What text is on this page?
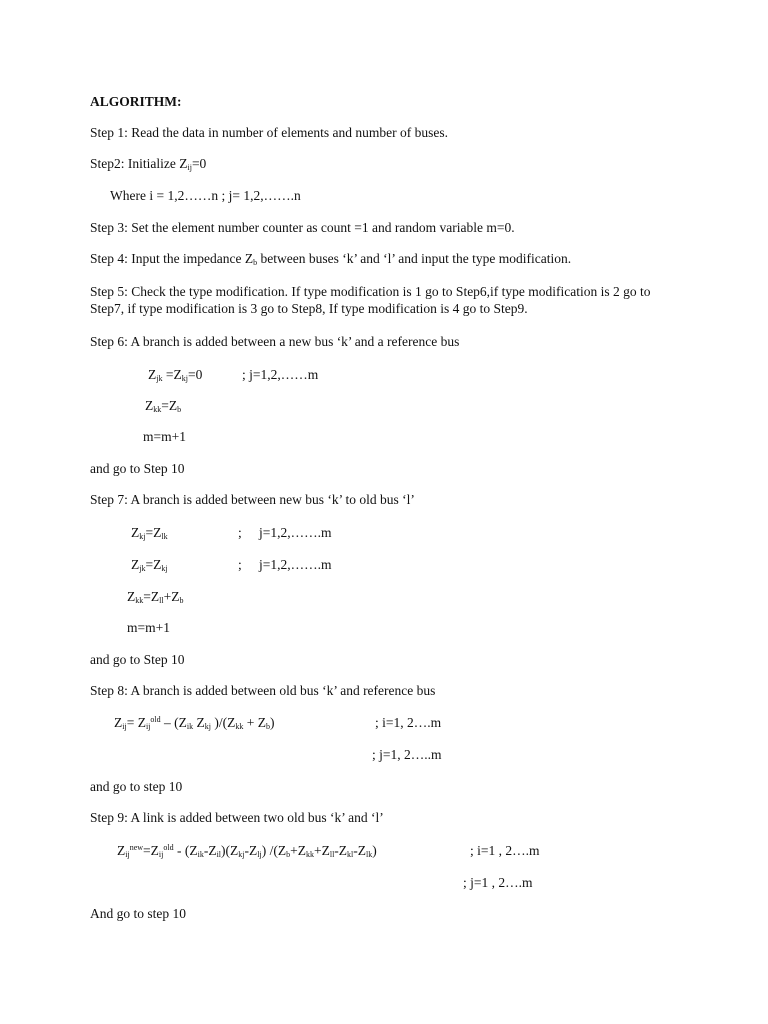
ALGORITHM:
Step 1: Read the data in number of elements and number of buses.
Step2: Initialize $Z_{ij}=0$
Where i = 1,2……n ; j= 1,2,…….n
Step 3: Set the element number counter as count =1 and random variable m=0.
Step 4: Input the impedance $Z_b$ between buses ‘k’ and ‘l’ and input the type modification.
Step 5: Check the type modification. If type modification is 1 go to Step6,if type modification is 2 go to
Step7, if type modification is 3 go to Step8, If type modification is 4 go to Step9.
Step 6: A branch is added between a new bus ‘k’ and a reference bus
$Z_{jk} =Z_{kj}=0$	; j=1,2,……m
$Z_{kk}=Z_b$
m=m+1
and go to Step 10
Step 7: A branch is added between new bus ‘k’ to old bus ‘l’
$Z_{kj}=Z_{lk}$	; j=1,2,…….m
$Z_{jk}=Z_{kj}$	; j=1,2,…….m
$Z_{kk}=Z_{ll}+Z_b$
m=m+1
and go to Step 10
Step 8: A branch is added between old bus ‘k’ and reference bus
$Z_{ij}= Z_{ij}^{old} - (Z_{ik}$ $Z_{kj}$ )$/(Z_{kk} + Z_b)$	; i=1, 2….m
; j=1, 2…..m
and go to step 10
Step 9: A link is added between two old bus ‘k’ and ‘l’
$Z_{ij}^{new}=Z_{ij}^{old} - (Z_{ik}-Z_{il})(Z_{kj}-Z_{lj})$ $/(Z_b+Z_{kk}+Z_{ll}-Z_{kl}-Z_{lk})$	; i=1 , 2….m
; j=1 , 2….m
And go to step 10
